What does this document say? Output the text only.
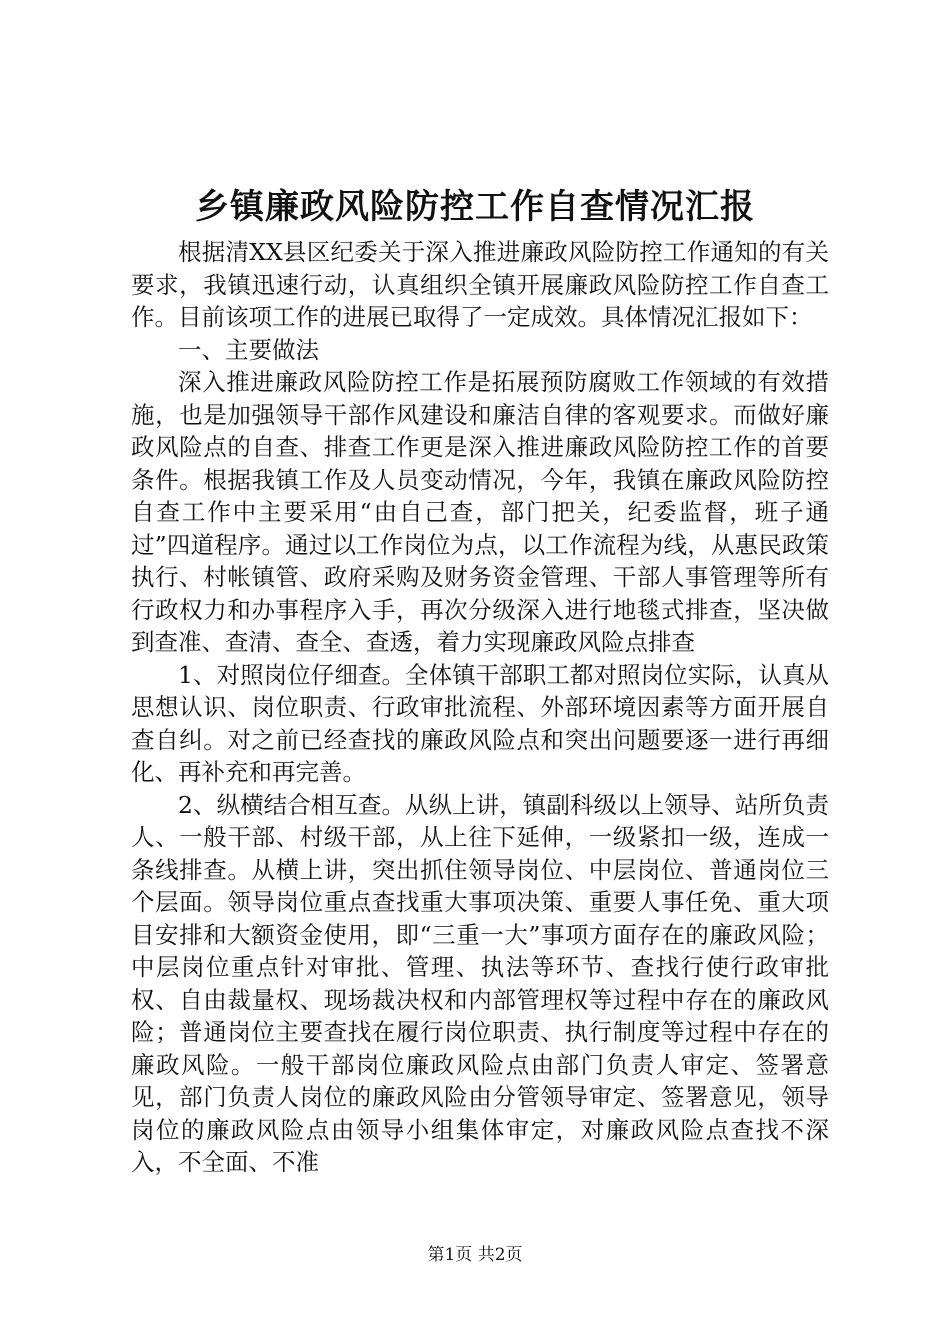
乡镇廉政风险防控工作自查情况汇报

根据清XX县区纪委关于深入推进廉政风险防控工作通知的有关要求，我镇迅速行动，认真组织全镇开展廉政风险防控工作自查工作。目前该项工作的进展已取得了一定成效。具体情况汇报如下：

一、主要做法

深入推进廉政风险防控工作是拓展预防腐败工作领域的有效措施，也是加强领导干部作风建设和廉洁自律的客观要求。而做好廉政风险点的自查、排查工作更是深入推进廉政风险防控工作的首要条件。根据我镇工作及人员变动情况，今年，我镇在廉政风险防控自查工作中主要采用“由自己查，部门把关，纪委监督，班子通过”四道程序。通过以工作岗位为点，以工作流程为线，从惠民政策执行、村帐镇管、政府采购及财务资金管理、干部人事管理等所有行政权力和办事程序入手，再次分级深入进行地毯式排查，坚决做到查准、查清、查全、查透，着力实现廉政风险点排查

1、对照岗位仔细查。全体镇干部职工都对照岗位实际，认真从思想认识、岗位职责、行政审批流程、外部环境因素等方面开展自查自纠。对之前已经查找的廉政风险点和突出问题要逐一进行再细化、再补充和再完善。

2、纵横结合相互查。从纵上讲，镇副科级以上领导、站所负责人、一般干部、村级干部，从上往下延伸，一级紧扣一级，连成一条线排查。从横上讲，突出抓住领导岗位、中层岗位、普通岗位三个层面。领导岗位重点查找重大事项决策、重要人事任免、重大项目安排和大额资金使用，即“三重一大”事项方面存在的廉政风险；中层岗位重点针对审批、管理、执法等环节、查找行使行政审批权、自由裁量权、现场裁决权和内部管理权等过程中存在的廉政风险；普通岗位主要查找在履行岗位职责、执行制度等过程中存在的廉政风险。一般干部岗位廉政风险点由部门负责人审定、签署意见，部门负责人岗位的廉政风险由分管领导审定、签署意见，领导岗位的廉政风险点由领导小组集体审定，对廉政风险点查找不深入，不全面、不准

第1页 共2页
